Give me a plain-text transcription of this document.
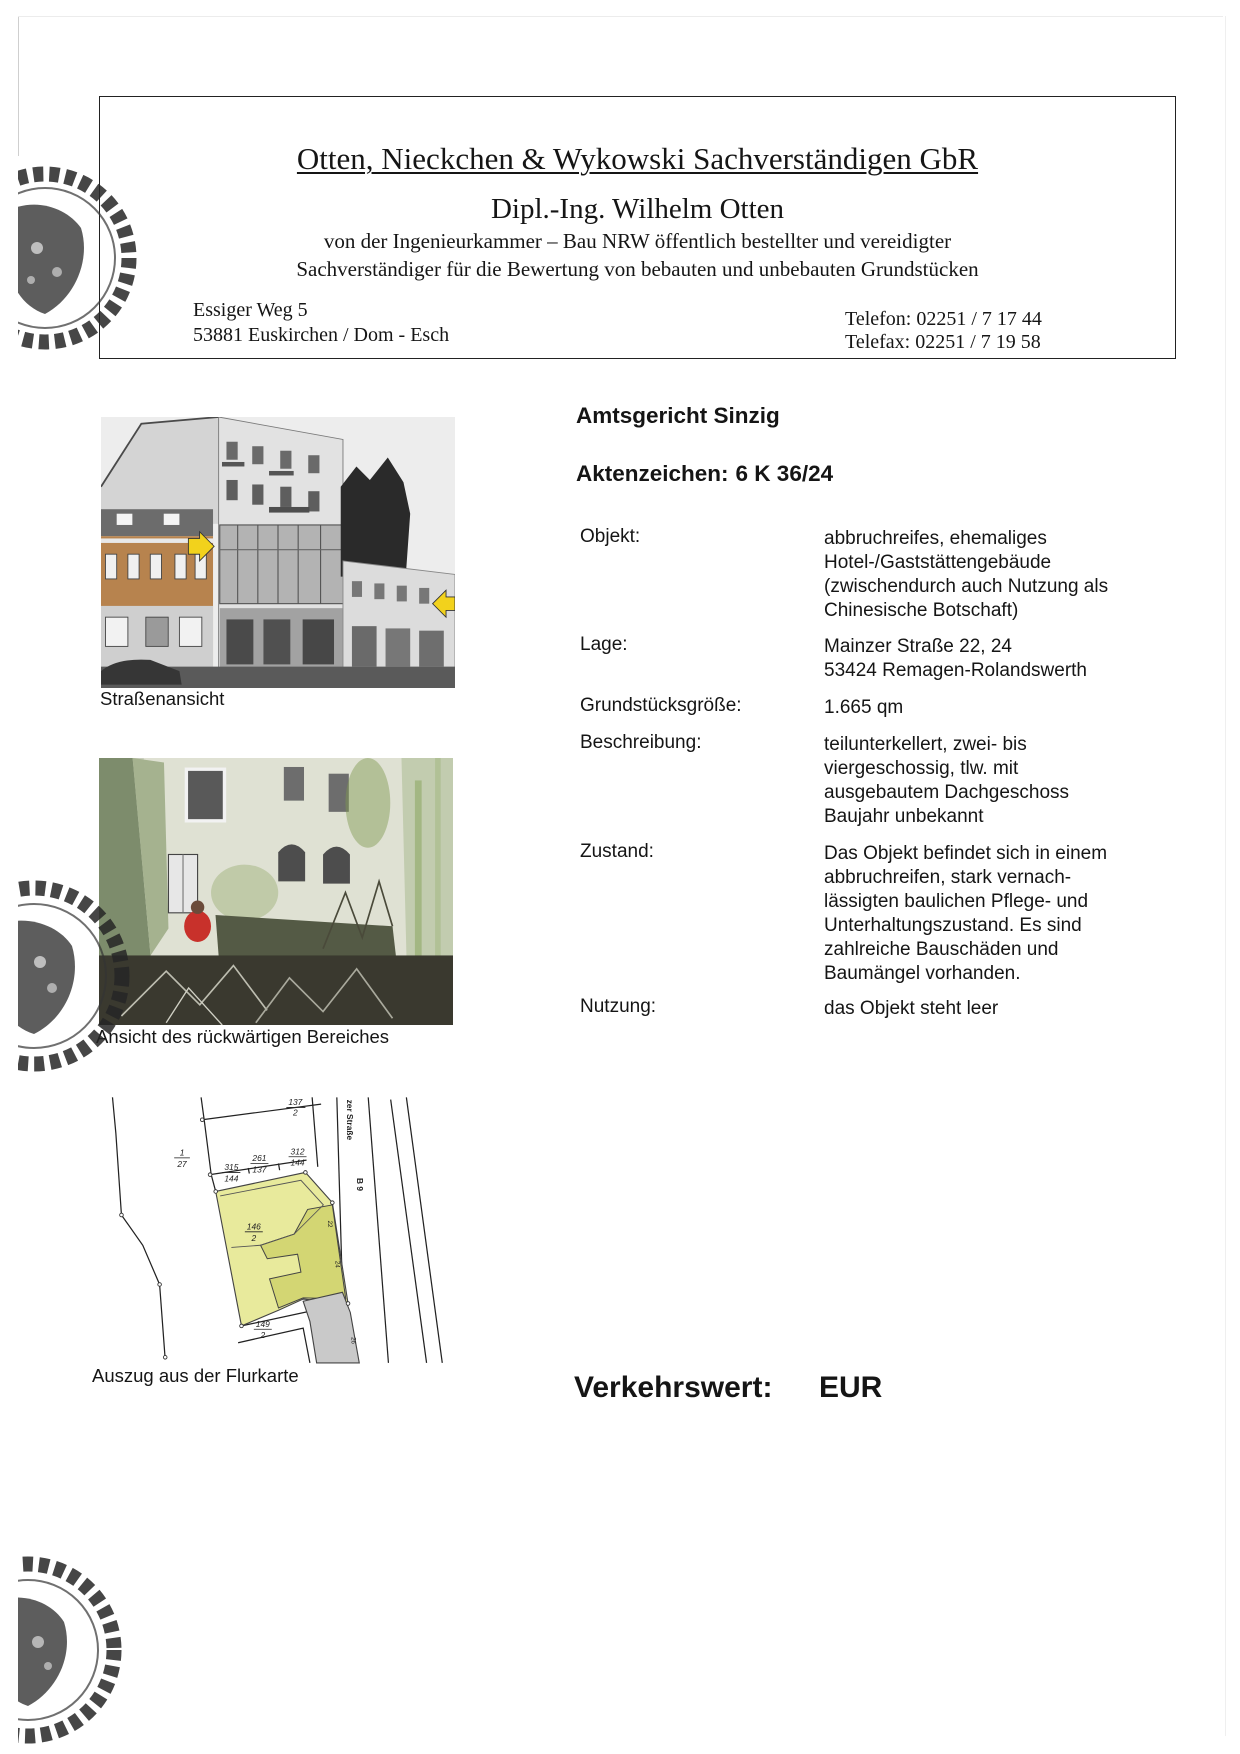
Otten, Nieckchen & Wykowski Sachverständigen GbR
Dipl.-Ing. Wilhelm Otten
von der Ingenieurkammer – Bau NRW öffentlich bestellter und vereidigter
Sachverständiger für die Bewertung von bebauten und unbebauten Grundstücken
Essiger Weg 5
53881 Euskirchen / Dom - Esch
Telefon: 02251 / 7 17 44
Telefax: 02251 / 7 19 58
Amtsgericht Sinzig
Aktenzeichen: 6 K 36/24
Objekt:	abbruchreifes, ehemaliges
Hotel-/Gaststättengebäude
(zwischendurch auch Nutzung als
Chinesische Botschaft)
Lage:	Mainzer Straße 22, 24
53424 Remagen-Rolandswerth
Grundstücksgröße:	1.665 qm
Beschreibung:	teilunterkellert, zwei- bis
viergeschossig, tlw. mit
ausgebautem Dachgeschoss
Baujahr unbekannt
Zustand:	Das Objekt befindet sich in einem
abbruchreifen, stark vernach-
lässigten baulichen Pflege- und
Unterhaltungszustand. Es sind
zahlreiche Bauschäden und
Baumängel vorhanden.
Nutzung:	das Objekt steht leer
Verkehrswert: EUR
Straßenansicht
Ansicht des rückwärtigen Bereiches
137
2
1
27	315
144
261
137
312
144
146
2
149
2
zer Straße
B 9
22
24
26
Auszug aus der Flurkarte
